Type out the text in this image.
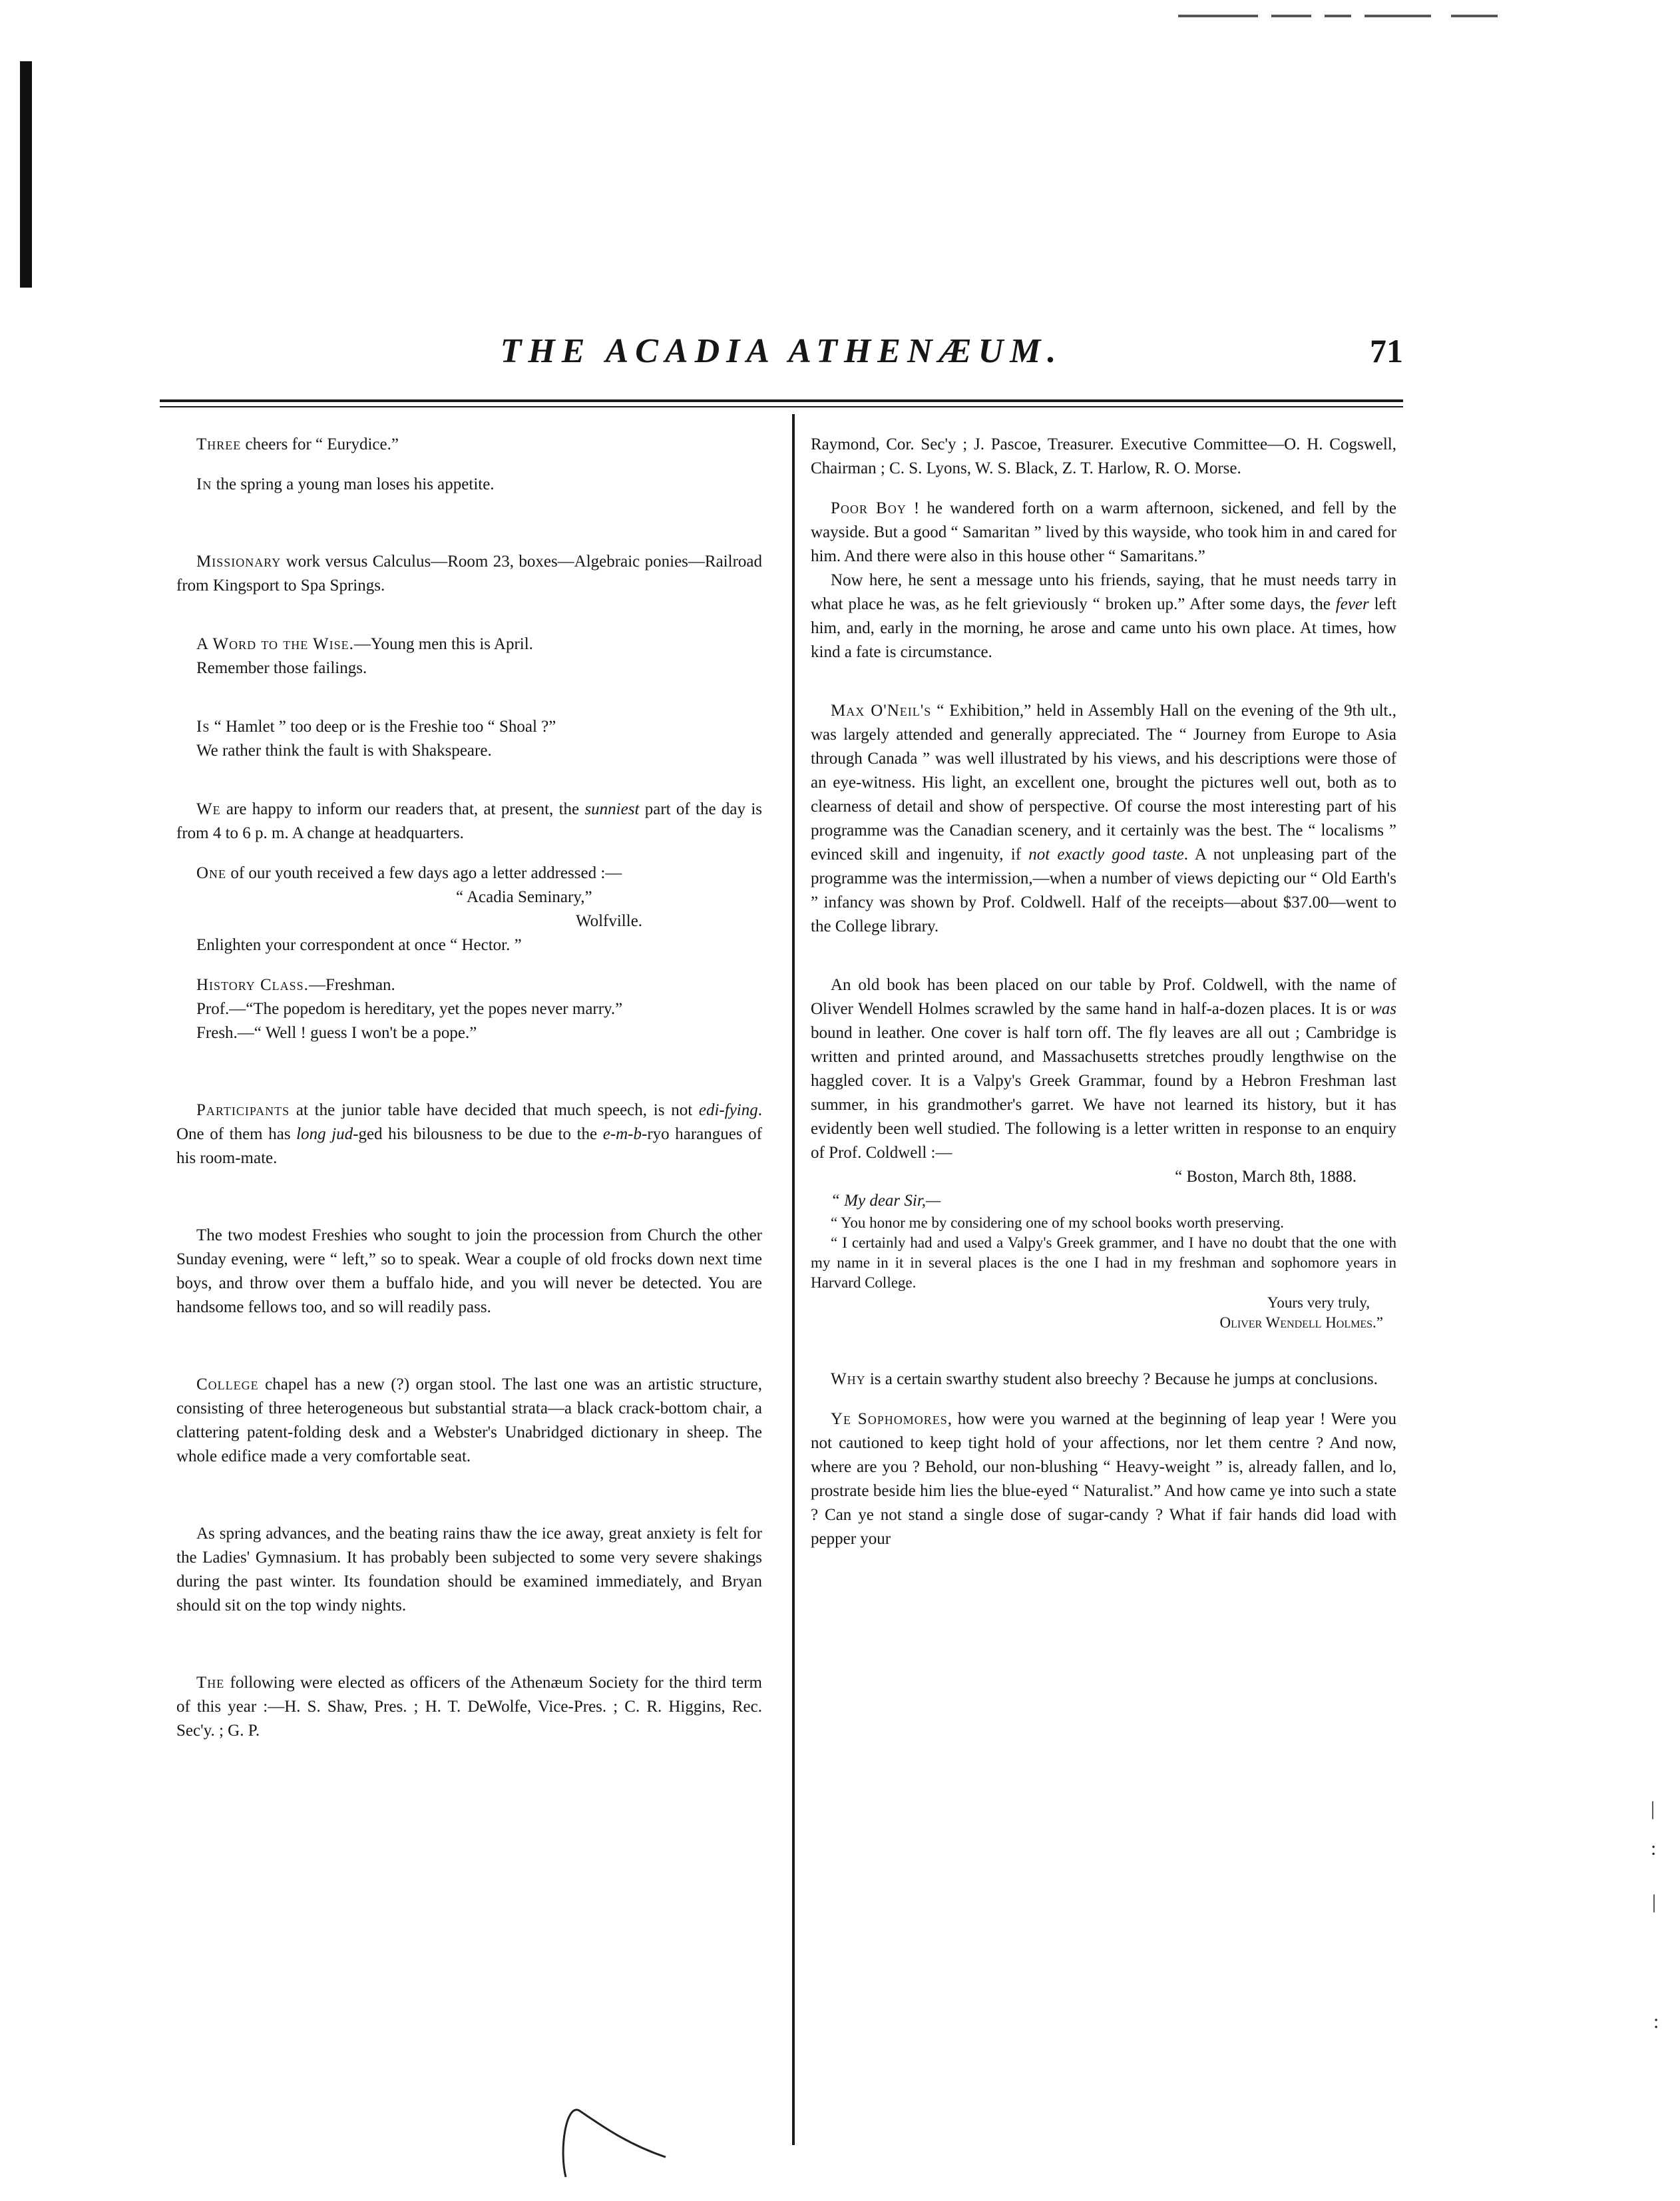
THE ACADIA ATHENÆUM.	71

Three cheers for “ Eurydice.”

In the spring a young man loses his appetite.

Missionary work versus Calculus—Room 23, boxes—Algebraic ponies—Railroad from Kingsport to Spa Springs.

A Word to the Wise.—Young men this is April.

Remember those failings.

Is “ Hamlet ” too deep or is the Freshie too “ Shoal ?”

We rather think the fault is with Shakspeare.

We are happy to inform our readers that, at present, the sunniest part of the day is from 4 to 6 p. m. A change at headquarters.

One of our youth received a few days ago a letter addressed :—

“ Acadia Seminary,”

Wolfville.

Enlighten your correspondent at once “ Hector. ”

History Class.—Freshman.

Prof.—“The popedom is hereditary, yet the popes never marry.”

Fresh.—“ Well ! guess I won't be a pope.”

Participants at the junior table have decided that much speech, is not edi-fying. One of them has long jud-ged his bilousness to be due to the e-m-b-ryo harangues of his room-mate.

The two modest Freshies who sought to join the procession from Church the other Sunday evening, were “ left,” so to speak. Wear a couple of old frocks down next time boys, and throw over them a buffalo hide, and you will never be detected. You are handsome fellows too, and so will readily pass.

College chapel has a new (?) organ stool. The last one was an artistic structure, consisting of three heterogeneous but substantial strata—a black crack-bottom chair, a clattering patent-folding desk and a Webster's Unabridged dictionary in sheep. The whole edifice made a very comfortable seat.

As spring advances, and the beating rains thaw the ice away, great anxiety is felt for the Ladies' Gymnasium. It has probably been subjected to some very severe shakings during the past winter. Its foundation should be examined immediately, and Bryan should sit on the top windy nights.

The following were elected as officers of the Athenæum Society for the third term of this year :—H. S. Shaw, Pres. ; H. T. DeWolfe, Vice-Pres. ; C. R. Higgins, Rec. Sec'y. ; G. P.

Raymond, Cor. Sec'y ; J. Pascoe, Treasurer. Executive Committee—O. H. Cogswell, Chairman ; C. S. Lyons, W. S. Black, Z. T. Harlow, R. O. Morse.

Poor Boy ! he wandered forth on a warm afternoon, sickened, and fell by the wayside. But a good “ Samaritan ” lived by this wayside, who took him in and cared for him. And there were also in this house other “ Samaritans.”

Now here, he sent a message unto his friends, saying, that he must needs tarry in what place he was, as he felt grieviously “ broken up.” After some days, the fever left him, and, early in the morning, he arose and came unto his own place. At times, how kind a fate is circumstance.

Max O'Neil's “ Exhibition,” held in Assembly Hall on the evening of the 9th ult., was largely attended and generally appreciated. The “ Journey from Europe to Asia through Canada ” was well illustrated by his views, and his descriptions were those of an eye-witness. His light, an excellent one, brought the pictures well out, both as to clearness of detail and show of perspective. Of course the most interesting part of his programme was the Canadian scenery, and it certainly was the best. The “ localisms ” evinced skill and ingenuity, if not exactly good taste. A not unpleasing part of the programme was the intermission,—when a number of views depicting our “ Old Earth's ” infancy was shown by Prof. Coldwell. Half of the receipts—about $37.00—went to the College library.

An old book has been placed on our table by Prof. Coldwell, with the name of Oliver Wendell Holmes scrawled by the same hand in half-a-dozen places. It is or was bound in leather. One cover is half torn off. The fly leaves are all out ; Cambridge is written and printed around, and Massachusetts stretches proudly lengthwise on the haggled cover. It is a Valpy's Greek Grammar, found by a Hebron Freshman last summer, in his grandmother's garret. We have not learned its history, but it has evidently been well studied. The following is a letter written in response to an enquiry of Prof. Coldwell :—

“ Boston, March 8th, 1888.

“ My dear Sir,—

“ You honor me by considering one of my school books worth preserving.

“ I certainly had and used a Valpy's Greek grammer, and I have no doubt that the one with my name in it in several places is the one I had in my freshman and sophomore years in Harvard College.

Yours very truly,

Oliver Wendell Holmes.”

Why is a certain swarthy student also breechy ? Because he jumps at conclusions.

Ye Sophomores, how were you warned at the beginning of leap year ! Were you not cautioned to keep tight hold of your affections, nor let them centre ? And now, where are you ? Behold, our non-blushing “ Heavy-weight ” is, already fallen, and lo, prostrate beside him lies the blue-eyed “ Naturalist.” And how came ye into such a state ? Can ye not stand a single dose of sugar-candy ? What if fair hands did load with pepper your

|
:
|
:
